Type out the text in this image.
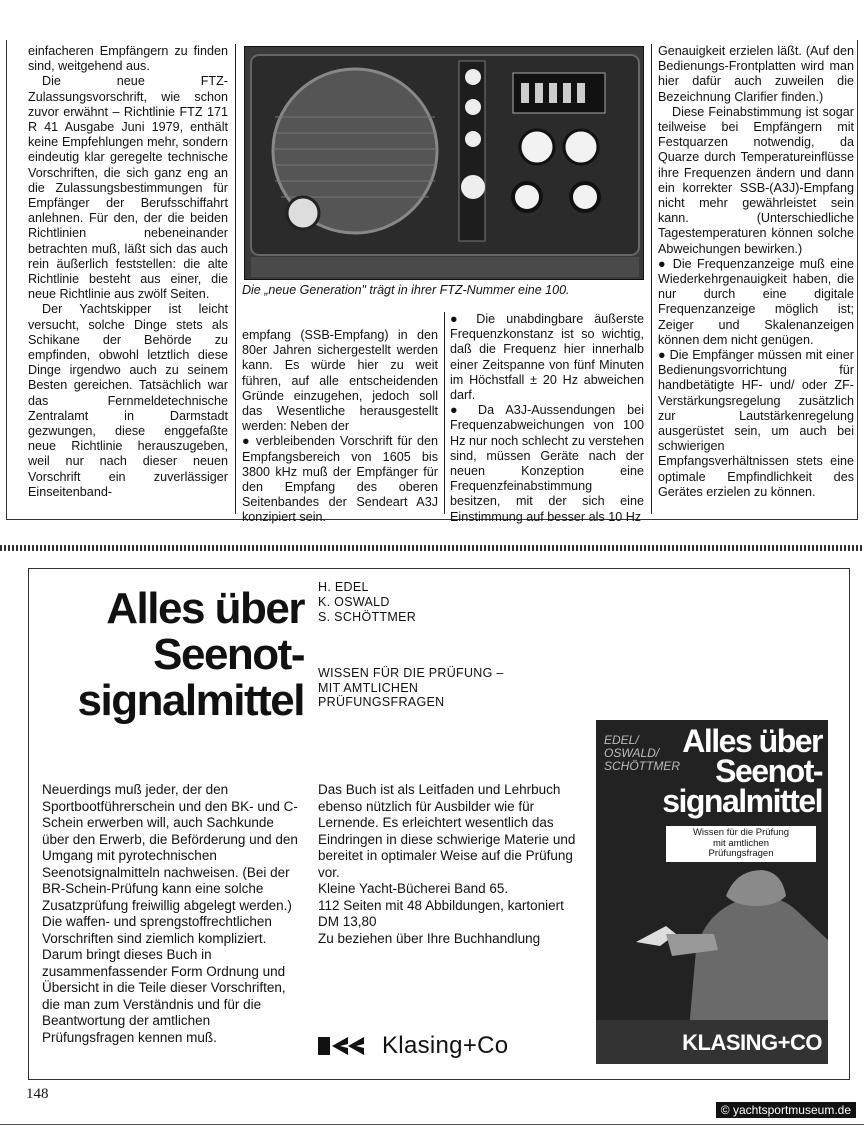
einfacheren Empfängern zu finden sind, weitgehend aus.

Die neue FTZ-Zulassungsvorschrift, wie schon zuvor erwähnt – Richtlinie FTZ 171 R 41 Ausgabe Juni 1979, enthält keine Empfehlungen mehr, sondern eindeutig klar geregelte technische Vorschriften, die sich ganz eng an die Zulassungsbestimmungen für Empfänger der Berufsschiffahrt anlehnen. Für den, der die beiden Richtlinien nebeneinander betrachten muß, läßt sich das auch rein äußerlich feststellen: die alte Richtlinie besteht aus einer, die neue Richtlinie aus zwölf Seiten.

Der Yachtskipper ist leicht versucht, solche Dinge stets als Schikane der Behörde zu empfinden, obwohl letztlich diese Dinge irgendwo auch zu seinem Besten gereichen. Tatsächlich war das Fernmeldetechnische Zentralamt in Darmstadt gezwungen, diese enggefaßte neue Richtlinie herauszugeben, weil nur nach dieser neuen Vorschrift ein zuverlässiger Einseitenband-

Die „neue Generation" trägt in ihrer FTZ-Nummer eine 100.

empfang (SSB-Empfang) in den 80er Jahren sichergestellt werden kann. Es würde hier zu weit führen, auf alle entscheidenden Gründe einzugehen, jedoch soll das Wesentliche herausgestellt werden: Neben der

● verbleibenden Vorschrift für den Empfangsbereich von 1605 bis 3800 kHz muß der Empfänger für den Empfang des oberen Seitenbandes der Sendeart A3J konzipiert sein.

● Die unabdingbare äußerste Frequenzkonstanz ist so wichtig, daß die Frequenz hier innerhalb einer Zeitspanne von fünf Minuten im Höchstfall ± 20 Hz abweichen darf.

● Da A3J-Aussendungen bei Frequenzabweichungen von 100 Hz nur noch schlecht zu verstehen sind, müssen Geräte nach der neuen Konzeption eine Frequenzfeinabstimmung besitzen, mit der sich eine Einstimmung auf besser als 10 Hz

Genauigkeit erzielen läßt. (Auf den Bedienungs-Frontplatten wird man hier dafür auch zuweilen die Bezeichnung Clarifier finden.)

Diese Feinabstimmung ist sogar teilweise bei Empfängern mit Festquarzen notwendig, da Quarze durch Temperatureinflüsse ihre Frequenzen ändern und dann ein korrekter SSB-(A3J)-Empfang nicht mehr gewährleistet sein kann. (Unterschiedliche Tagestemperaturen können solche Abweichungen bewirken.)

● Die Frequenzanzeige muß eine Wiederkehrgenauigkeit haben, die nur durch eine digitale Frequenzanzeige möglich ist; Zeiger und Skalenanzeigen können dem nicht genügen.

● Die Empfänger müssen mit einer Bedienungsvorrichtung für handbetätigte HF- und/ oder ZF-Verstärkungsregelung zusätzlich zur Lautstärkenregelung ausgerüstet sein, um auch bei schwierigen Empfangsverhältnissen stets eine optimale Empfindlichkeit des Gerätes erzielen zu können.

Alles über
Seenot-
signalmittel
H. EDEL
K. OSWALD
S. SCHÖTTMER
WISSEN FÜR DIE PRÜFUNG –
MIT AMTLICHEN
PRÜFUNGSFRAGEN

Neuerdings muß jeder, der den Sportbootführerschein und den BK- und C-Schein erwerben will, auch Sachkunde über den Erwerb, die Beförderung und den Umgang mit pyrotechnischen Seenotsignalmitteln nachweisen. (Bei der BR-Schein-Prüfung kann eine solche Zusatzprüfung freiwillig abgelegt werden.) Die waffen- und sprengstoffrechtlichen Vorschriften sind ziemlich kompliziert. Darum bringt dieses Buch in zusammenfassender Form Ordnung und Übersicht in die Teile dieser Vorschriften, die man zum Verständnis und für die Beantwortung der amtlichen Prüfungsfragen kennen muß.

Das Buch ist als Leitfaden und Lehrbuch ebenso nützlich für Ausbilder wie für Lernende. Es erleichtert wesentlich das Eindringen in diese schwierige Materie und bereitet in optimaler Weise auf die Prüfung vor.

Kleine Yacht-Bücherei Band 65.

112 Seiten mit 48 Abbildungen, kartoniert DM 13,80

Zu beziehen über Ihre Buchhandlung

Klasing+Co
EDEL/
OSWALD/
SCHÖTTMER
Alles über
Seenot-
signalmittel
Wissen für die Prüfung
mit amtlichen
Prüfungsfragen
KLASING+CO
148
© yachtsportmuseum.de
